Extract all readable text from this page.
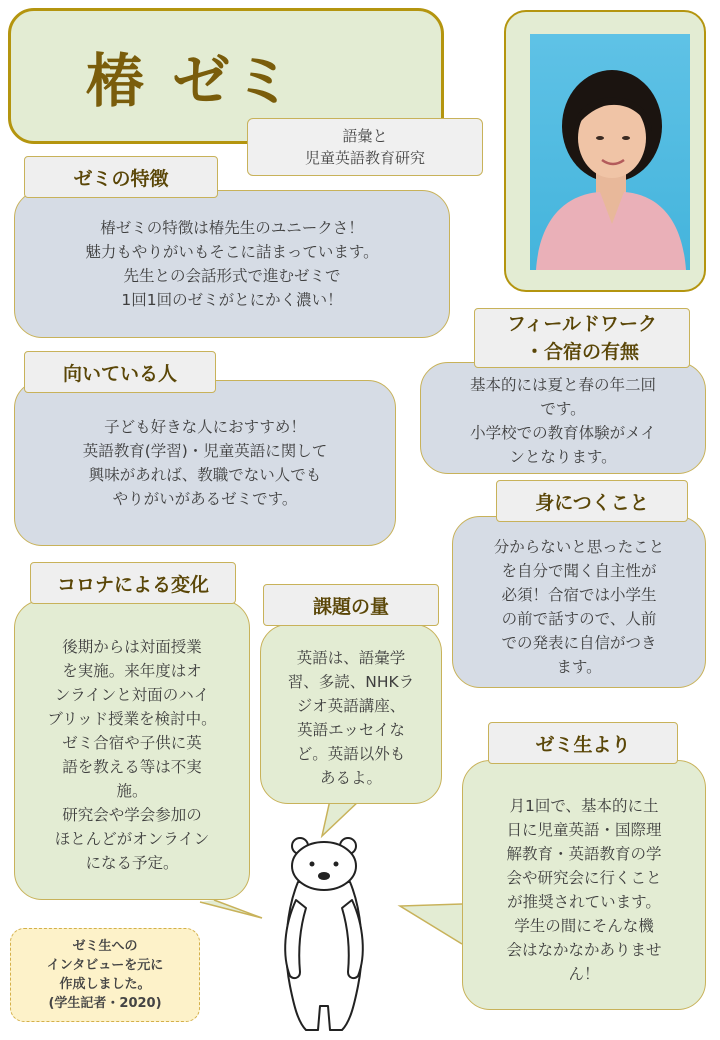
椿 ゼミ
語彙と
児童英語教育研究
椿ゼミの特徴は椿先生のユニークさ！
魅力もやりがいもそこに詰まっています。
先生との会話形式で進むゼミで
1回1回のゼミがとにかく濃い！
ゼミの特徴
子ども好きな人におすすめ！
英語教育(学習)・児童英語に関して
興味があれば、教職でない人でも
やりがいがあるゼミです。
向いている人
基本的には夏と春の年二回
です。
小学校での教育体験がメイ
ンとなります。
フィールドワーク
・合宿の有無
分からないと思ったこと
を自分で聞く自主性が
必須！合宿では小学生
の前で話すので、人前
での発表に自信がつき
ます。
身につくこと
後期からは対面授業
を実施。来年度はオ
ンラインと対面のハイ
ブリッド授業を検討中。
ゼミ合宿や子供に英
語を教える等は不実
施。
研究会や学会参加の
ほとんどがオンライン
になる予定。
コロナによる変化
英語は、語彙学
習、多読、NHKラ
ジオ英語講座、
英語エッセイな
ど。英語以外も
あるよ。
課題の量
月1回で、基本的に土
日に児童英語・国際理
解教育・英語教育の学
会や研究会に行くこと
が推奨されています。
学生の間にそんな機
会はなかなかありませ
ん！
ゼミ生より
ゼミ生への
インタビューを元に
作成しました。
(学生記者・2020)
